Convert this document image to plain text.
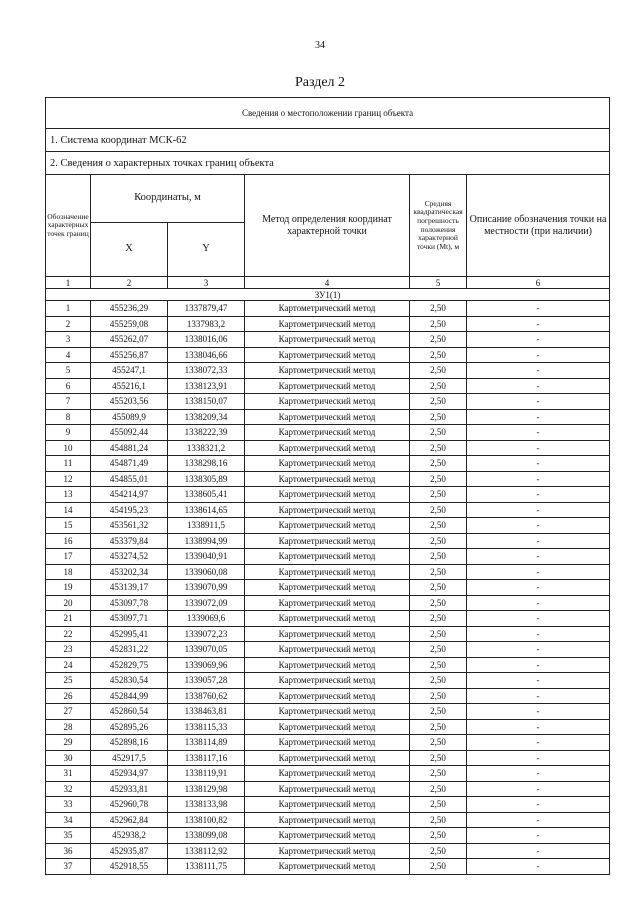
34
Раздел 2
Сведения о местоположении границ объекта					
1. Система координат МСК-62					
2. Сведения о характерных точках границ объекта					
Обозначение характерных точек границ	Координаты, м		Метод определения координат характерной точки	Средняя квадратическая погрешность положения характерной точки (Mt), м	Описание обозначения точки на местности (при наличии)
	X	Y			
1	2	3	4	5	6
ЗУ1(1)					
1	455236,29	1337879,47	Картометрический метод	2,50	-
2	455259,08	1337983,2	Картометрический метод	2,50	-
3	455262,07	1338016,06	Картометрический метод	2,50	-
4	455256,87	1338046,66	Картометрический метод	2,50	-
5	455247,1	1338072,33	Картометрический метод	2,50	-
6	455216,1	1338123,91	Картометрический метод	2,50	-
7	455203,56	1338150,07	Картометрический метод	2,50	-
8	455089,9	1338209,34	Картометрический метод	2,50	-
9	455092,44	1338222,39	Картометрический метод	2,50	-
10	454881,24	1338321,2	Картометрический метод	2,50	-
11	454871,49	1338298,16	Картометрический метод	2,50	-
12	454855,01	1338305,89	Картометрический метод	2,50	-
13	454214,97	1338605,41	Картометрический метод	2,50	-
14	454195,23	1338614,65	Картометрический метод	2,50	-
15	453561,32	1338911,5	Картометрический метод	2,50	-
16	453379,84	1338994,99	Картометрический метод	2,50	-
17	453274,52	1339040,91	Картометрический метод	2,50	-
18	453202,34	1339060,08	Картометрический метод	2,50	-
19	453139,17	1339070,99	Картометрический метод	2,50	-
20	453097,78	1339072,09	Картометрический метод	2,50	-
21	453097,71	1339069,6	Картометрический метод	2,50	-
22	452995,41	1339072,23	Картометрический метод	2,50	-
23	452831,22	1339070,05	Картометрический метод	2,50	-
24	452829,75	1339069,96	Картометрический метод	2,50	-
25	452830,54	1339057,28	Картометрический метод	2,50	-
26	452844,99	1338760,62	Картометрический метод	2,50	-
27	452860,54	1338463,81	Картометрический метод	2,50	-
28	452895,26	1338115,33	Картометрический метод	2,50	-
29	452898,16	1338114,89	Картометрический метод	2,50	-
30	452917,5	1338117,16	Картометрический метод	2,50	-
31	452934,97	1338119,91	Картометрический метод	2,50	-
32	452933,81	1338129,98	Картометрический метод	2,50	-
33	452960,78	1338133,98	Картометрический метод	2,50	-
34	452962,84	1338100,82	Картометрический метод	2,50	-
35	452938,2	1338099,08	Картометрический метод	2,50	-
36	452935,87	1338112,92	Картометрический метод	2,50	-
37	452918,55	1338111,75	Картометрический метод	2,50	-
